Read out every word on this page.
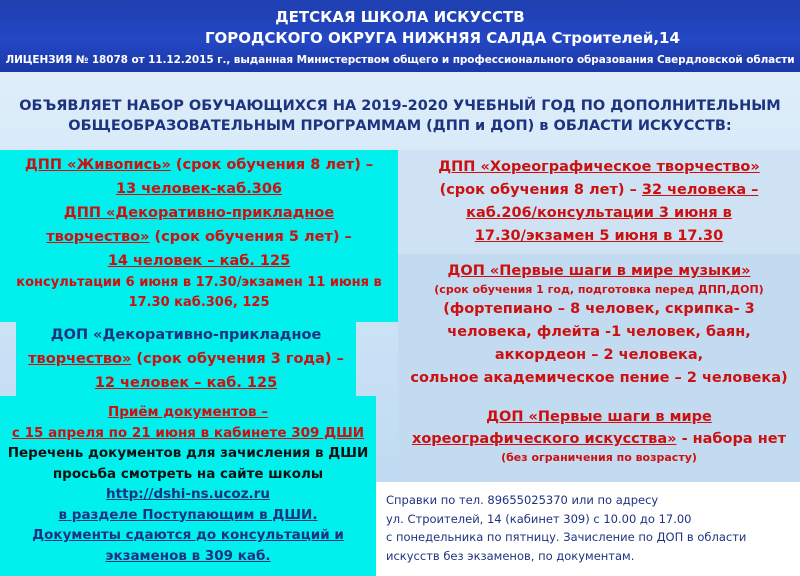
ДЕТСКАЯ ШКОЛА ИСКУССТВ
ГОРОДСКОГО ОКРУГА НИЖНЯЯ САЛДА Строителей,14
ЛИЦЕНЗИЯ № 18078 от 11.12.2015 г., выданная Министерством общего и профессионального образования Свердловской области
ОБЪЯВЛЯЕТ НАБОР ОБУЧАЮЩИХСЯ НА 2019-2020 УЧЕБНЫЙ ГОД ПО ДОПОЛНИТЕЛЬНЫМ
ОБЩЕОБРАЗОВАТЕЛЬНЫМ ПРОГРАММАМ (ДПП и ДОП) в ОБЛАСТИ ИСКУССТВ:
ДПП «Живопись» (срок обучения 8 лет) –
13 человек-каб.306
ДПП «Декоративно-прикладное
творчество» (срок обучения 5 лет) –
14 человек – каб. 125
консультации 6 июня в 17.30/экзамен 11 июня в
17.30 каб.306, 125
ДОП «Декоративно-прикладное
творчество» (срок обучения 3 года) –
12 человек – каб. 125
ДПП «Хореографическое творчество»
(срок обучения 8 лет) – 32 человека –
каб.206/консультации 3 июня в
17.30/экзамен 5 июня в 17.30
ДОП «Первые шаги в мире музыки»
(срок обучения 1 год, подготовка перед ДПП,ДОП)
(фортепиано – 8 человек, скрипка- 3
человека, флейта -1 человек, баян,
аккордеон – 2 человека,
сольное академическое пение – 2 человека)
ДОП «Первые шаги в мире
хореографического искусства» - набора нет
(без ограничения по возрасту)
Приём документов –
с 15 апреля по 21 июня в кабинете 309 ДШИ
Перечень документов для зачисления в ДШИ
просьба смотреть на сайте школы
http://dshi-ns.ucoz.ru
в разделе Поступающим в ДШИ.
Документы сдаются до консультаций и
экзаменов в 309 каб.
Справки по тел. 89655025370 или по адресу
ул. Строителей, 14 (кабинет 309) с 10.00 до 17.00
с понедельника по пятницу. Зачисление по ДОП в области
искусств без экзаменов, по документам.
